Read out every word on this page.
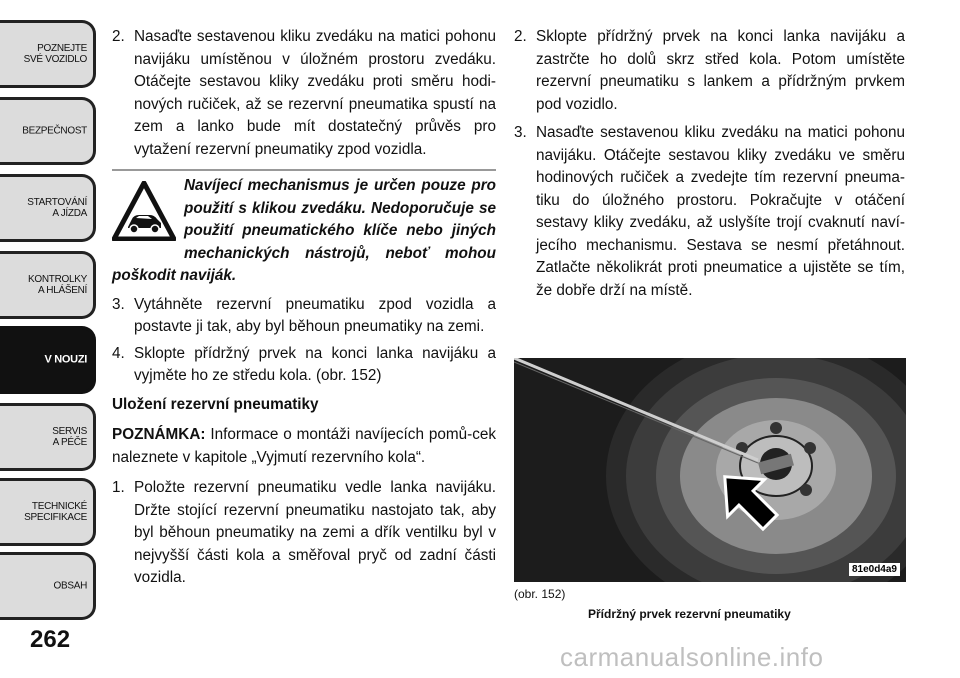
POZNEJTE
SVÉ VOZIDLO
BEZPEČNOST
STARTOVÁNÍ
A JÍZDA
KONTROLKY
A HLÁŠENÍ
V NOUZI
SERVIS
A PÉČE
TECHNICKÉ
SPECIFIKACE
OBSAH
262
2. Nasaďte sestavenou kliku zvedáku na matici pohonu navijáku umístěnou v úložném prostoru zvedáku. Otáčejte sestavou kliky zvedáku proti směru hodi-nových ručiček, až se rezervní pneumatika spustí na zem a lanko bude mít dostatečný průvěs pro vytažení rezervní pneumatiky zpod vozidla.
Navíjecí mechanismus je určen pouze pro použití s klikou zvedáku. Nedoporučuje se použití pneumatického klíče nebo jiných mechanických nástrojů, neboť mohou poškodit naviják.
3. Vytáhněte rezervní pneumatiku zpod vozidla a postavte ji tak, aby byl běhoun pneumatiky na zemi.
4. Sklopte přídržný prvek na konci lanka navijáku a vyjměte ho ze středu kola. (obr. 152)
Uložení rezervní pneumatiky
POZNÁMKA: Informace o montáži navíjecích pomů-cek naleznete v kapitole „Vyjmutí rezervního kola“.
1. Položte rezervní pneumatiku vedle lanka navijáku. Držte stojící rezervní pneumatiku nastojato tak, aby byl běhoun pneumatiky na zemi a dřík ventilku byl v nejvyšší části kola a směřoval pryč od zadní části vozidla.
2. Sklopte přídržný prvek na konci lanka navijáku a zastrčte ho dolů skrz střed kola. Potom umístěte rezervní pneumatiku s lankem a přídržným prvkem pod vozidlo.
3. Nasaďte sestavenou kliku zvedáku na matici pohonu navijáku. Otáčejte sestavou kliky zvedáku ve směru hodinových ručiček a zvedejte tím rezervní pneuma-tiku do úložného prostoru. Pokračujte v otáčení sestavy kliky zvedáku, až uslyšíte trojí cvaknutí naví-jecího mechanismu. Sestava se nesmí přetáhnout. Zatlačte několikrát proti pneumatice a ujistěte se tím, že dobře drží na místě.
81e0d4a9
(obr. 152)
Přídržný prvek rezervní pneumatiky
carmanualsonline.info
